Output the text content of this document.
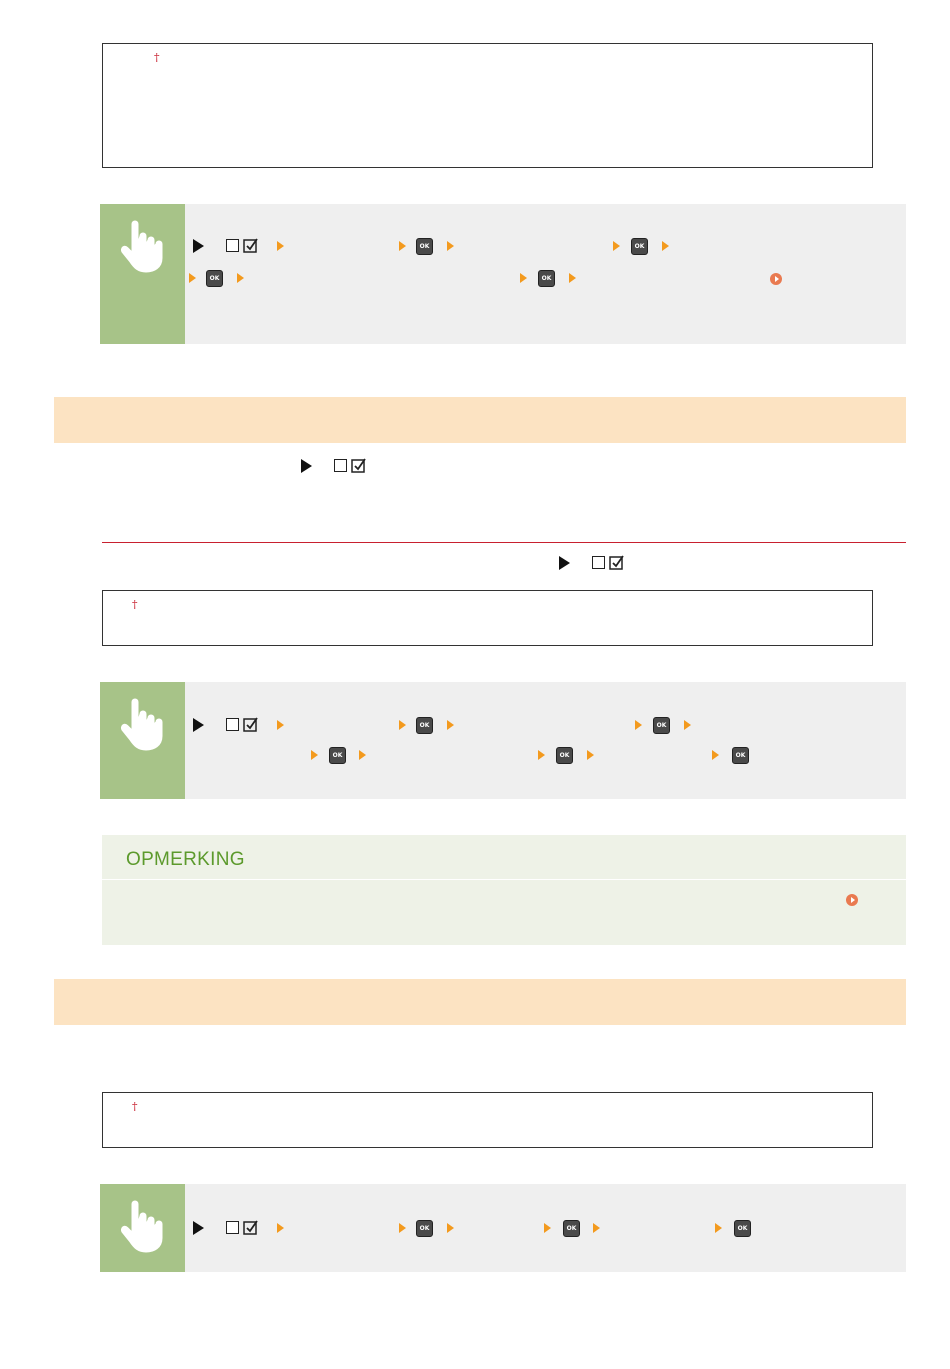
†
OK	OK
OK	OK
†
OK	OK
OK	OK	OK
OPMERKING
†
OK	OK	OK
